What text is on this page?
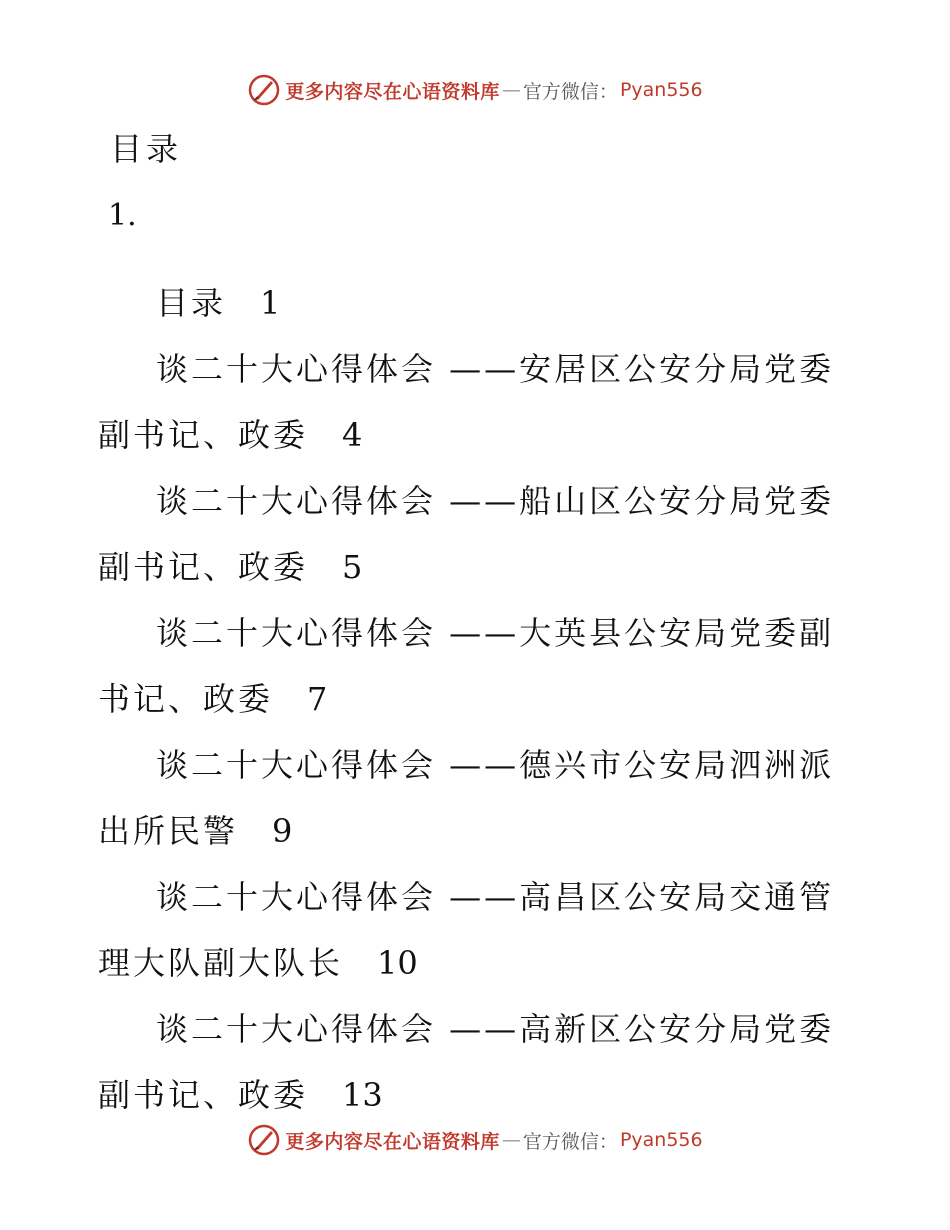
更多内容尽在心语资料库 — 官方微信： Pyan556
目录
1.

目录 1

谈二十大心得体会 ——安居区公安分局党委副书记、政委 4

谈二十大心得体会 ——船山区公安分局党委副书记、政委 5

谈二十大心得体会 ——大英县公安局党委副书记、政委 7

谈二十大心得体会 ——德兴市公安局泗洲派出所民警 9

谈二十大心得体会 ——高昌区公安局交通管理大队副大队长 10

谈二十大心得体会 ——高新区公安分局党委副书记、政委 13

更多内容尽在心语资料库 — 官方微信： Pyan556
